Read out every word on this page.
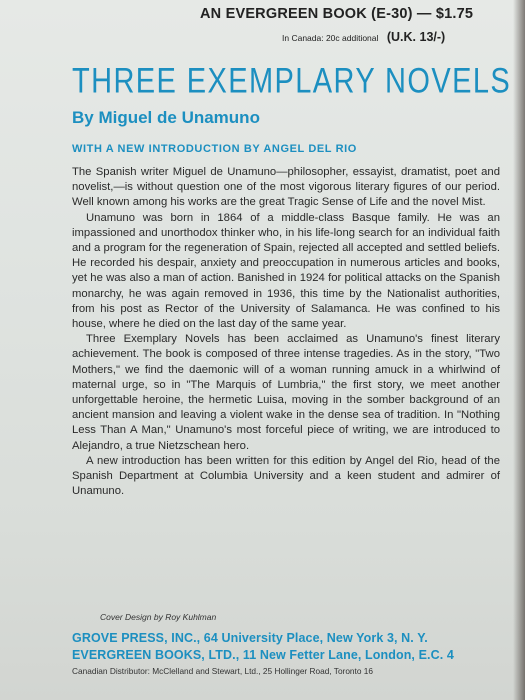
AN EVERGREEN BOOK (E-30) — $1.75
In Canada: 20c additional (U.K. 13/-)
THREE EXEMPLARY NOVELS
By Miguel de Unamuno
WITH A NEW INTRODUCTION BY ANGEL DEL RIO

The Spanish writer Miguel de Unamuno—philosopher, essayist, dramatist, poet and novelist,—is without question one of the most vigorous literary figures of our period. Well known among his works are the great Tragic Sense of Life and the novel Mist.

Unamuno was born in 1864 of a middle-class Basque family. He was an impassioned and unorthodox thinker who, in his life-long search for an individual faith and a program for the regeneration of Spain, rejected all accepted and settled beliefs. He recorded his despair, anxiety and preoccupation in numerous articles and books, yet he was also a man of action. Banished in 1924 for political attacks on the Spanish monarchy, he was again removed in 1936, this time by the Nationalist authorities, from his post as Rector of the University of Salamanca. He was confined to his house, where he died on the last day of the same year.

Three Exemplary Novels has been acclaimed as Unamuno's finest literary achievement. The book is composed of three intense tragedies. As in the story, "Two Mothers," we find the daemonic will of a woman running amuck in a whirlwind of maternal urge, so in "The Marquis of Lumbria," the first story, we meet another unforgettable heroine, the hermetic Luisa, moving in the somber background of an ancient mansion and leaving a violent wake in the dense sea of tradition. In "Nothing Less Than A Man," Unamuno's most forceful piece of writing, we are introduced to Alejandro, a true Nietzschean hero.

A new introduction has been written for this edition by Angel del Rio, head of the Spanish Department at Columbia University and a keen student and admirer of Unamuno.

Cover Design by Roy Kuhlman
GROVE PRESS, INC., 64 University Place, New York 3, N. Y.
EVERGREEN BOOKS, LTD., 11 New Fetter Lane, London, E.C. 4
Canadian Distributor: McClelland and Stewart, Ltd., 25 Hollinger Road, Toronto 16
